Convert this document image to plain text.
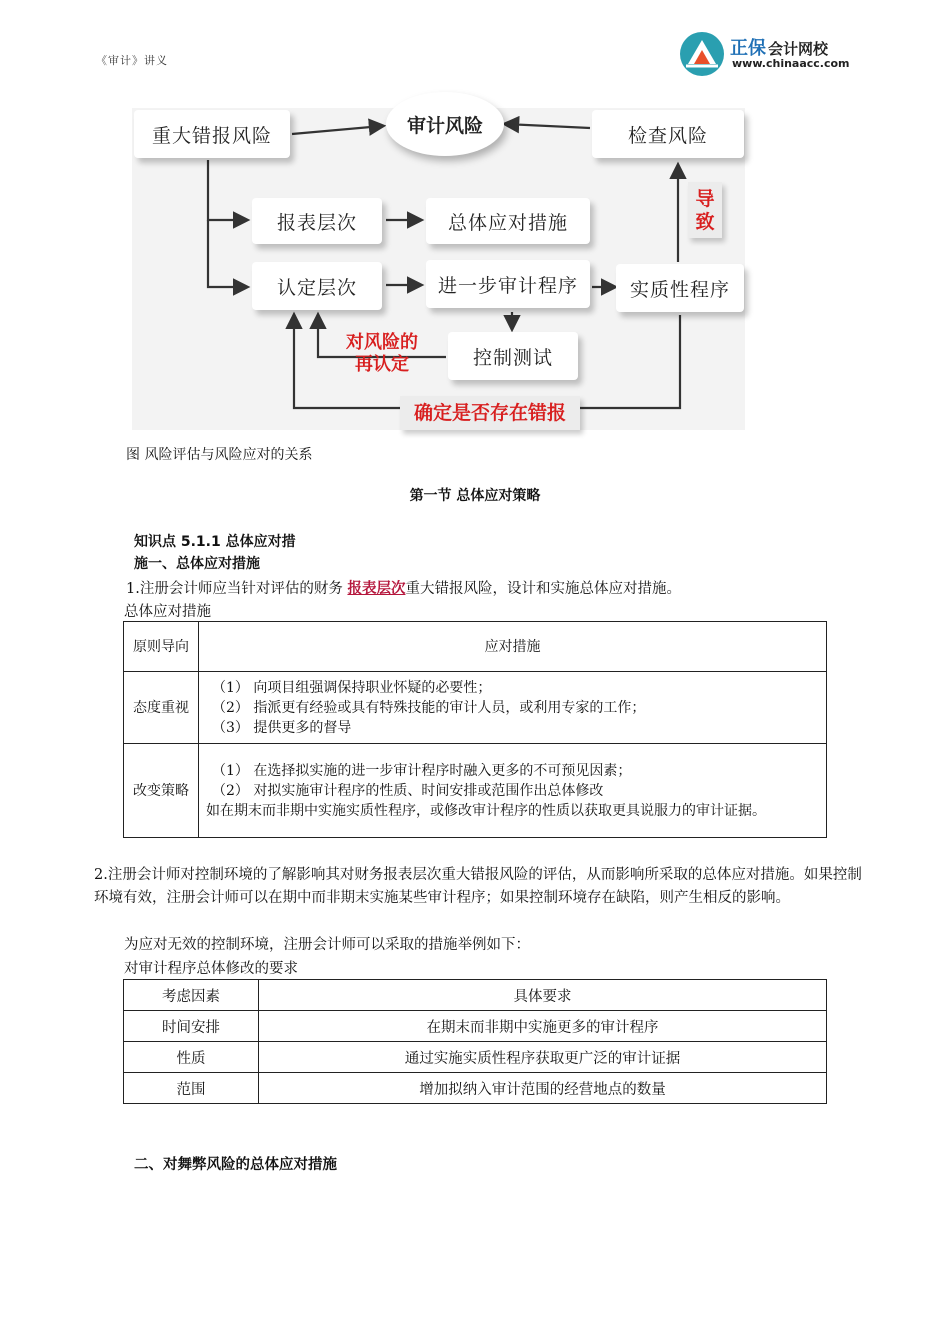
《审计》讲义
正保 会计网校
www.chinaacc.com
重大错报风险	审计风险	检查风险
报表层次	总体应对措施
认定层次	进一步审计程序	实质性程序
控制测试
导致
对风险的
再认定
确定是否存在错报
图 风险评估与风险应对的关系
第一节 总体应对策略
知识点 5.1.1 总体应对措
施一、总体应对措施
1.注册会计师应当针对评估的财务 报表层次重大错报风险，设计和实施总体应对措施。
总体应对措施
原则导向	应对措施
态度重视	（1） 向项目组强调保持职业怀疑的必要性；
（2） 指派更有经验或具有特殊技能的审计人员，或利用专家的工作；
（3） 提供更多的督导

改变策略	（1） 在选择拟实施的进一步审计程序时融入更多的不可预见因素；
（2） 对拟实施审计程序的性质、时间安排或范围作出总体修改
如在期末而非期中实施实质性程序，或修改审计程序的性质以获取更具说服力的审计证据。
2.注册会计师对控制环境的了解影响其对财务报表层次重大错报风险的评估，从而影响所采取的总体应对措施。如果控制环境有效，注册会计师可以在期中而非期末实施某些审计程序；如果控制环境存在缺陷，则产生相反的影响。
为应对无效的控制环境，注册会计师可以采取的措施举例如下：
对审计程序总体修改的要求
考虑因素	具体要求
时间安排	在期末而非期中实施更多的审计程序
性质	通过实施实质性程序获取更广泛的审计证据
范围	增加拟纳入审计范围的经营地点的数量
二、对舞弊风险的总体应对措施
